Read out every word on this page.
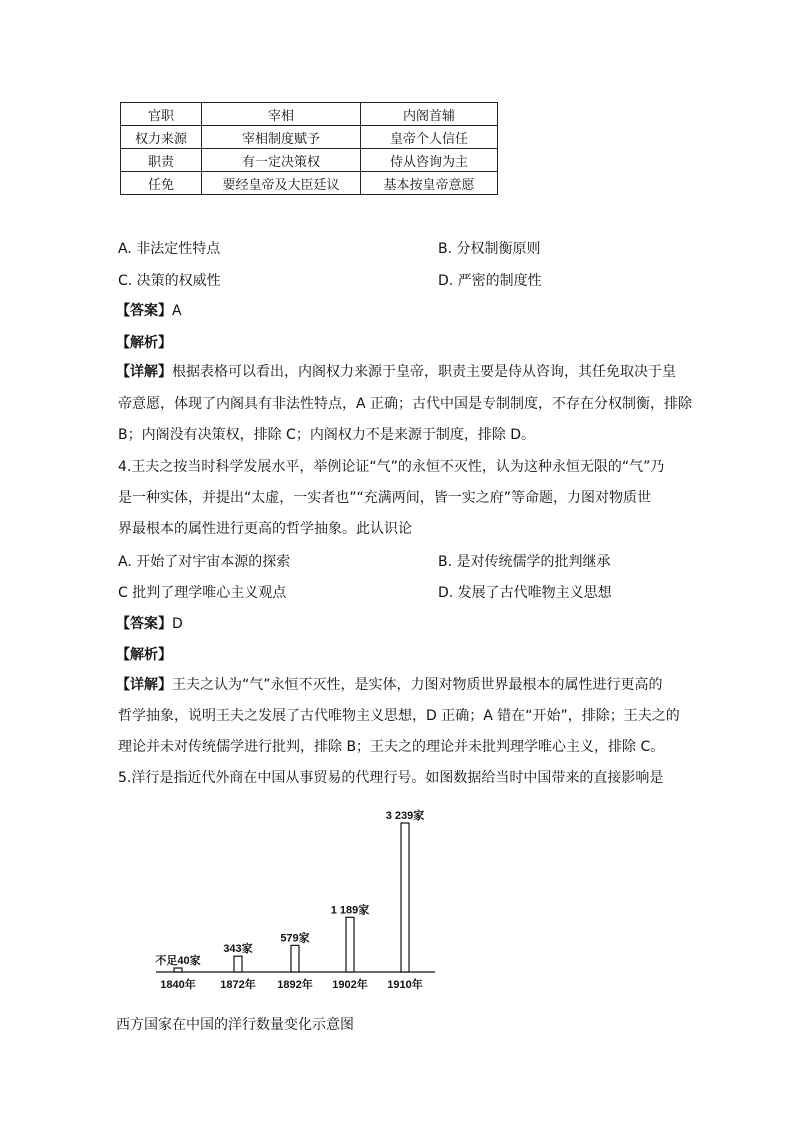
官职	宰相	内阁首辅
权力来源	宰相制度赋予	皇帝个人信任
职责	有一定决策权	侍从咨询为主
任免	要经皇帝及大臣廷议	基本按皇帝意愿
A. 非法定性特点	B. 分权制衡原则
C. 决策的权威性	D. 严密的制度性
【答案】A
【解析】
【详解】根据表格可以看出，内阁权力来源于皇帝，职责主要是侍从咨询，其任免取决于皇
帝意愿，体现了内阁具有非法性特点，A 正确；古代中国是专制制度，不存在分权制衡，排除
B；内阁没有决策权，排除 C；内阁权力不是来源于制度，排除 D。
4.王夫之按当时科学发展水平，举例论证“气”的永恒不灭性，认为这种永恒无限的“气”乃
是一种实体，并提出“太虚，一实者也”“充满两间，皆一实之府”等命题，力图对物质世
界最根本的属性进行更高的哲学抽象。此认识论
A. 开始了对宇宙本源的探索	B. 是对传统儒学的批判继承
C 批判了理学唯心主义观点	D. 发展了古代唯物主义思想
【答案】D
【解析】
【详解】王夫之认为“气”永恒不灭性，是实体，力图对物质世界最根本的属性进行更高的
哲学抽象，说明王夫之发展了古代唯物主义思想，D 正确；A 错在“开始”，排除；王夫之的
理论并未对传统儒学进行批判，排除 B；王夫之的理论并未批判理学唯心主义，排除 C。
5.洋行是指近代外商在中国从事贸易的代理行号。如图数据给当时中国带来的直接影响是
不足40家
1840年
343家
1872年
579家
1892年
1 189家
1902年
3 239家
1910年
西方国家在中国的洋行数量变化示意图
